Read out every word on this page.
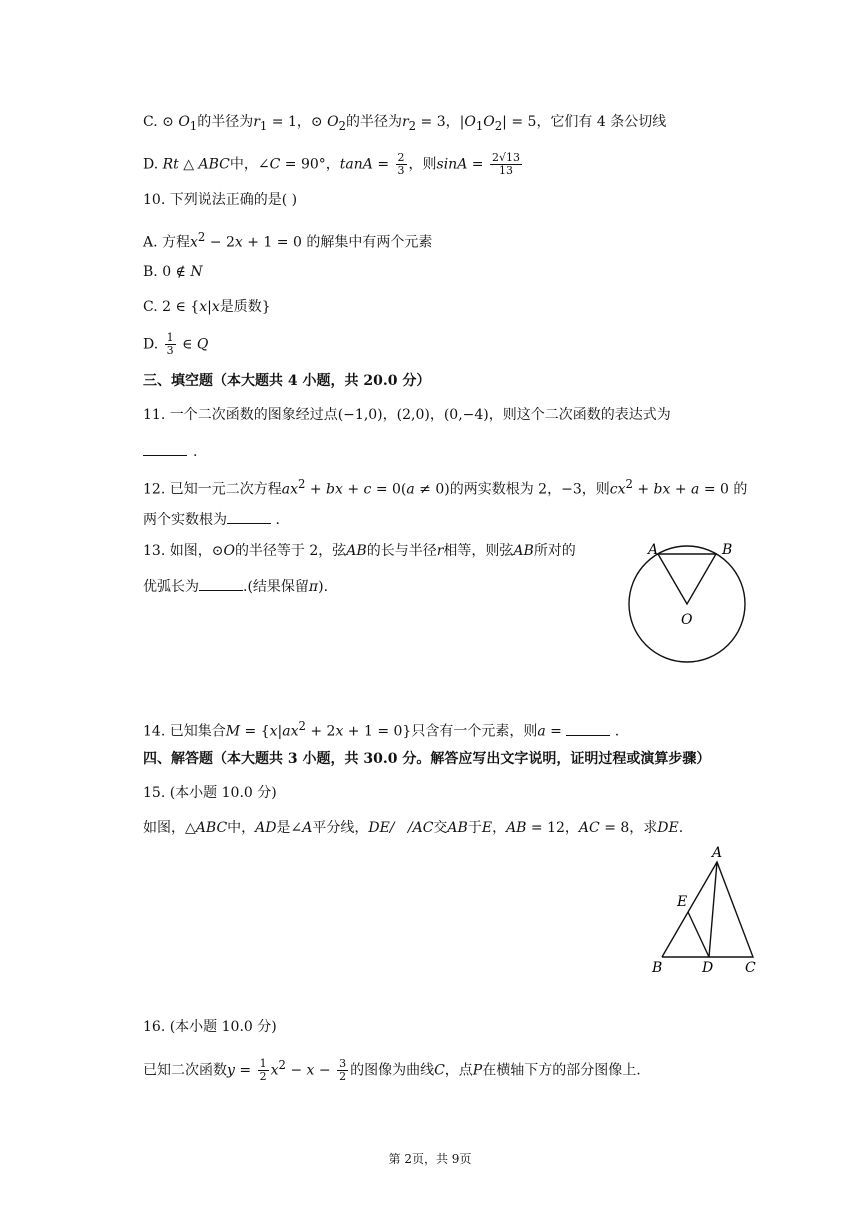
C. ⊙ $O_1$的半径为$r_1 = 1$，⊙ $O_2$的半径为$r_2 = 3$，$|O_1O_2| = 5$，它们有 4 条公切线
D. Rt △ ABC中，∠C = 90°，$\tan A = \frac{2}{3}$ ，则$\sin A = \frac{2√13}{13}$
10. 下列说法正确的是( )
A. 方程$x^2 - 2x + 1 = 0$ 的解集中有两个元素
B. 0 ∉ N
C. 2 ∈ {x|x是质数}
D. $\frac{1}{3}$ ∈ Q
三、填空题（本大题共 4 小题，共 20.0 分）
11. 一个二次函数的图象经过点(−1,0)，(2,0)，(0,−4)，则这个二次函数的表达式为
.
12. 已知一元二次方程$ax^2$ + bx + c = 0(a ≠ 0)的两实数根为 2，−3，则$cx^2$ + bx + a = 0 的
两个实数根为	.
13. 如图，⊙O的半径等于 2，弦AB的长与半径r相等，则弦AB所对的
优弧长为	.(结果保留π).
A	B
O
14. 已知集合$M = \{x|ax^2 + 2x + 1 = 0\}$只含有一个元素，则a =	.
四、解答题（本大题共 3 小题，共 30.0 分。解答应写出文字说明，证明过程或演算步骤）
15. (本小题 10.0 分)
如图，△ABC中，AD是∠A平分线，DE/   /AC交AB于E，AB = 12，AC = 8，求DE.
A
E
B	D C
16. (本小题 10.0 分)
已知二次函数$y = \frac{1}{2} x^2 - x - \frac{3}{2}$ 的图像为曲线C，点P在横轴下方的部分图像上.
第 2页，共 9页
